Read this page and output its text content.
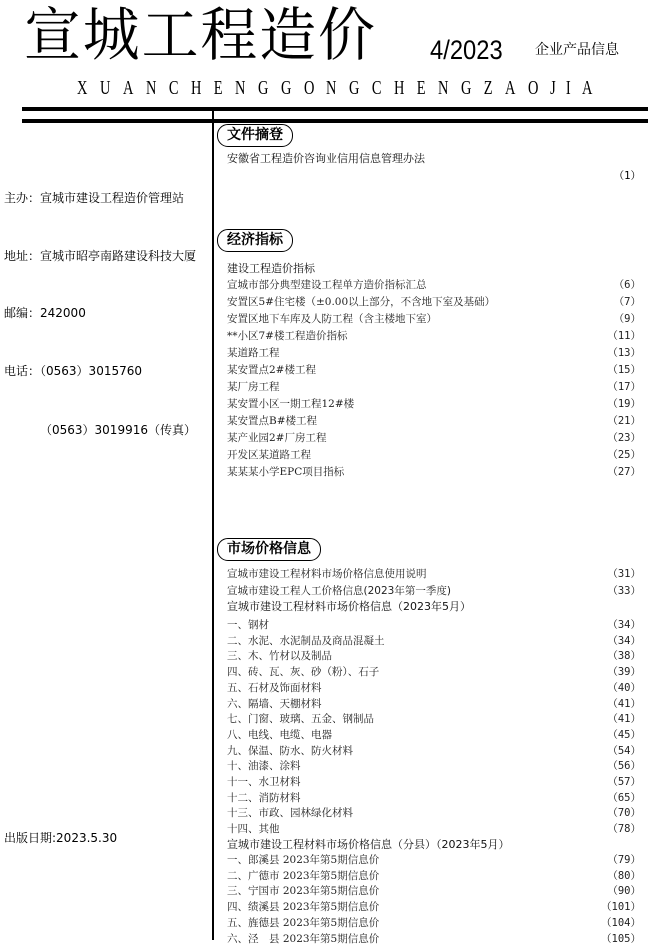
宣城工程造价 4/2023 企业产品信息
X U A N C H E N G G O N G C H E N G Z A O J I A
主办：宣城市建设工程造价管理站
地址：宣城市昭亭南路建设科技大厦
邮编：242000
电话：（0563）3015760
（0563）3019916（传真）
出版日期:2023.5.30
文件摘登
安徽省工程造价咨询业信用信息管理办法
（1）
经济指标
建设工程造价指标
宣城市部分典型建设工程单方造价指标汇总	（6）
安置区5#住宅楼（±0.00以上部分，不含地下室及基础）	（7）
安置区地下车库及人防工程（含主楼地下室）	（9）
**小区7#楼工程造价指标	（11）
某道路工程	（13）
某安置点2#楼工程	（15）
某厂房工程	（17）
某安置小区一期工程12#楼	（19）
某安置点B#楼工程	（21）
某产业园2#厂房工程	（23）
开发区某道路工程	（25）
某某某小学EPC项目指标	（27）
市场价格信息
宣城市建设工程材料市场价格信息使用说明	（31）
宣城市建设工程人工价格信息(2023年第一季度)	（33）
宣城市建设工程材料市场价格信息（2023年5月）
一、钢材	（34）
二、水泥、水泥制品及商品混凝土	（34）
三、木、竹材以及制品	（38）
四、砖、瓦、灰、砂（粉）、石子	（39）
五、石材及饰面材料	（40）
六、隔墙、天棚材料	（41）
七、门窗、玻璃、五金、钢制品	（41）
八、电线、电缆、电器	（45）
九、保温、防水、防火材料	（54）
十、油漆、涂料	（56）
十一、水卫材料	（57）
十二、消防材料	（65）
十三、市政、园林绿化材料	（70）
十四、其他	（78）
宣城市建设工程材料市场价格信息（分县）（2023年5月）
一、郎溪县 2023年第5期信息价	（79）
二、广德市 2023年第5期信息价	（80）
三、宁国市 2023年第5期信息价	（90）
四、绩溪县 2023年第5期信息价	（101）
五、旌德县 2023年第5期信息价	（104）
六、泾　县 2023年第5期信息价	（105）
